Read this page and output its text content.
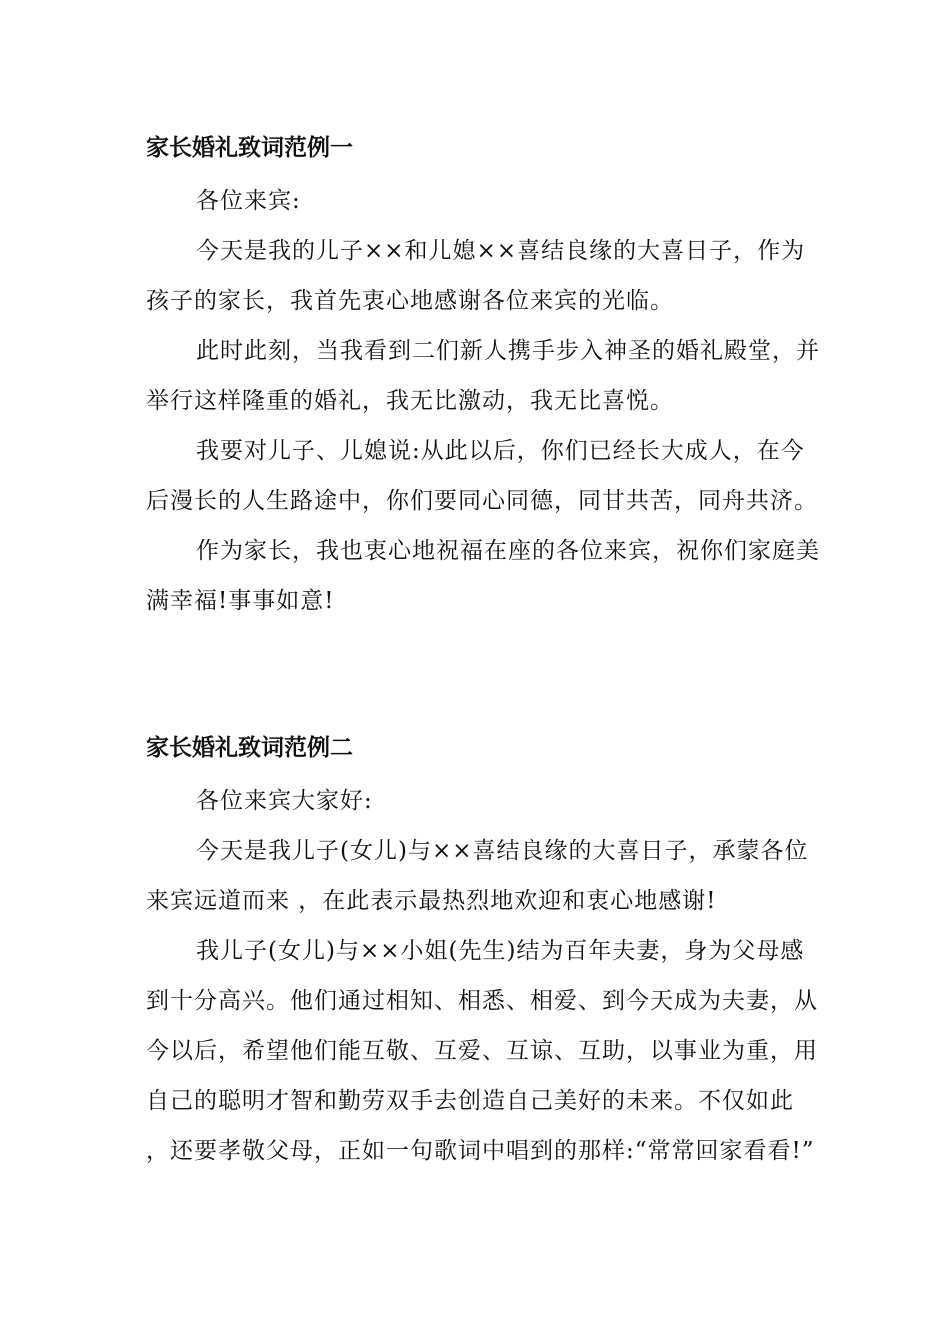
家长婚礼致词范例一

各位来宾:

今天是我的儿子××和儿媳××喜结良缘的大喜日子，作为孩子的家长，我首先衷心地感谢各位来宾的光临。

此时此刻，当我看到二们新人携手步入神圣的婚礼殿堂，并举行这样隆重的婚礼，我无比激动，我无比喜悦。

我要对儿子、儿媳说:从此以后，你们已经长大成人，在今后漫长的人生路途中，你们要同心同德，同甘共苦，同舟共济。

作为家长，我也衷心地祝福在座的各位来宾，祝你们家庭美满幸福!事事如意!

家长婚礼致词范例二

各位来宾大家好:

今天是我儿子(女儿)与××喜结良缘的大喜日子，承蒙各位来宾远道而来 ，在此表示最热烈地欢迎和衷心地感谢!

我儿子(女儿)与××小姐(先生)结为百年夫妻，身为父母感到十分高兴。他们通过相知、相悉、相爱、到今天成为夫妻，从今以后，希望他们能互敬、互爱、互谅、互助，以事业为重，用自己的聪明才智和勤劳双手去创造自己美好的未来。不仅如此 ，还要孝敬父母，正如一句歌词中唱到的那样:“常常回家看看!”
